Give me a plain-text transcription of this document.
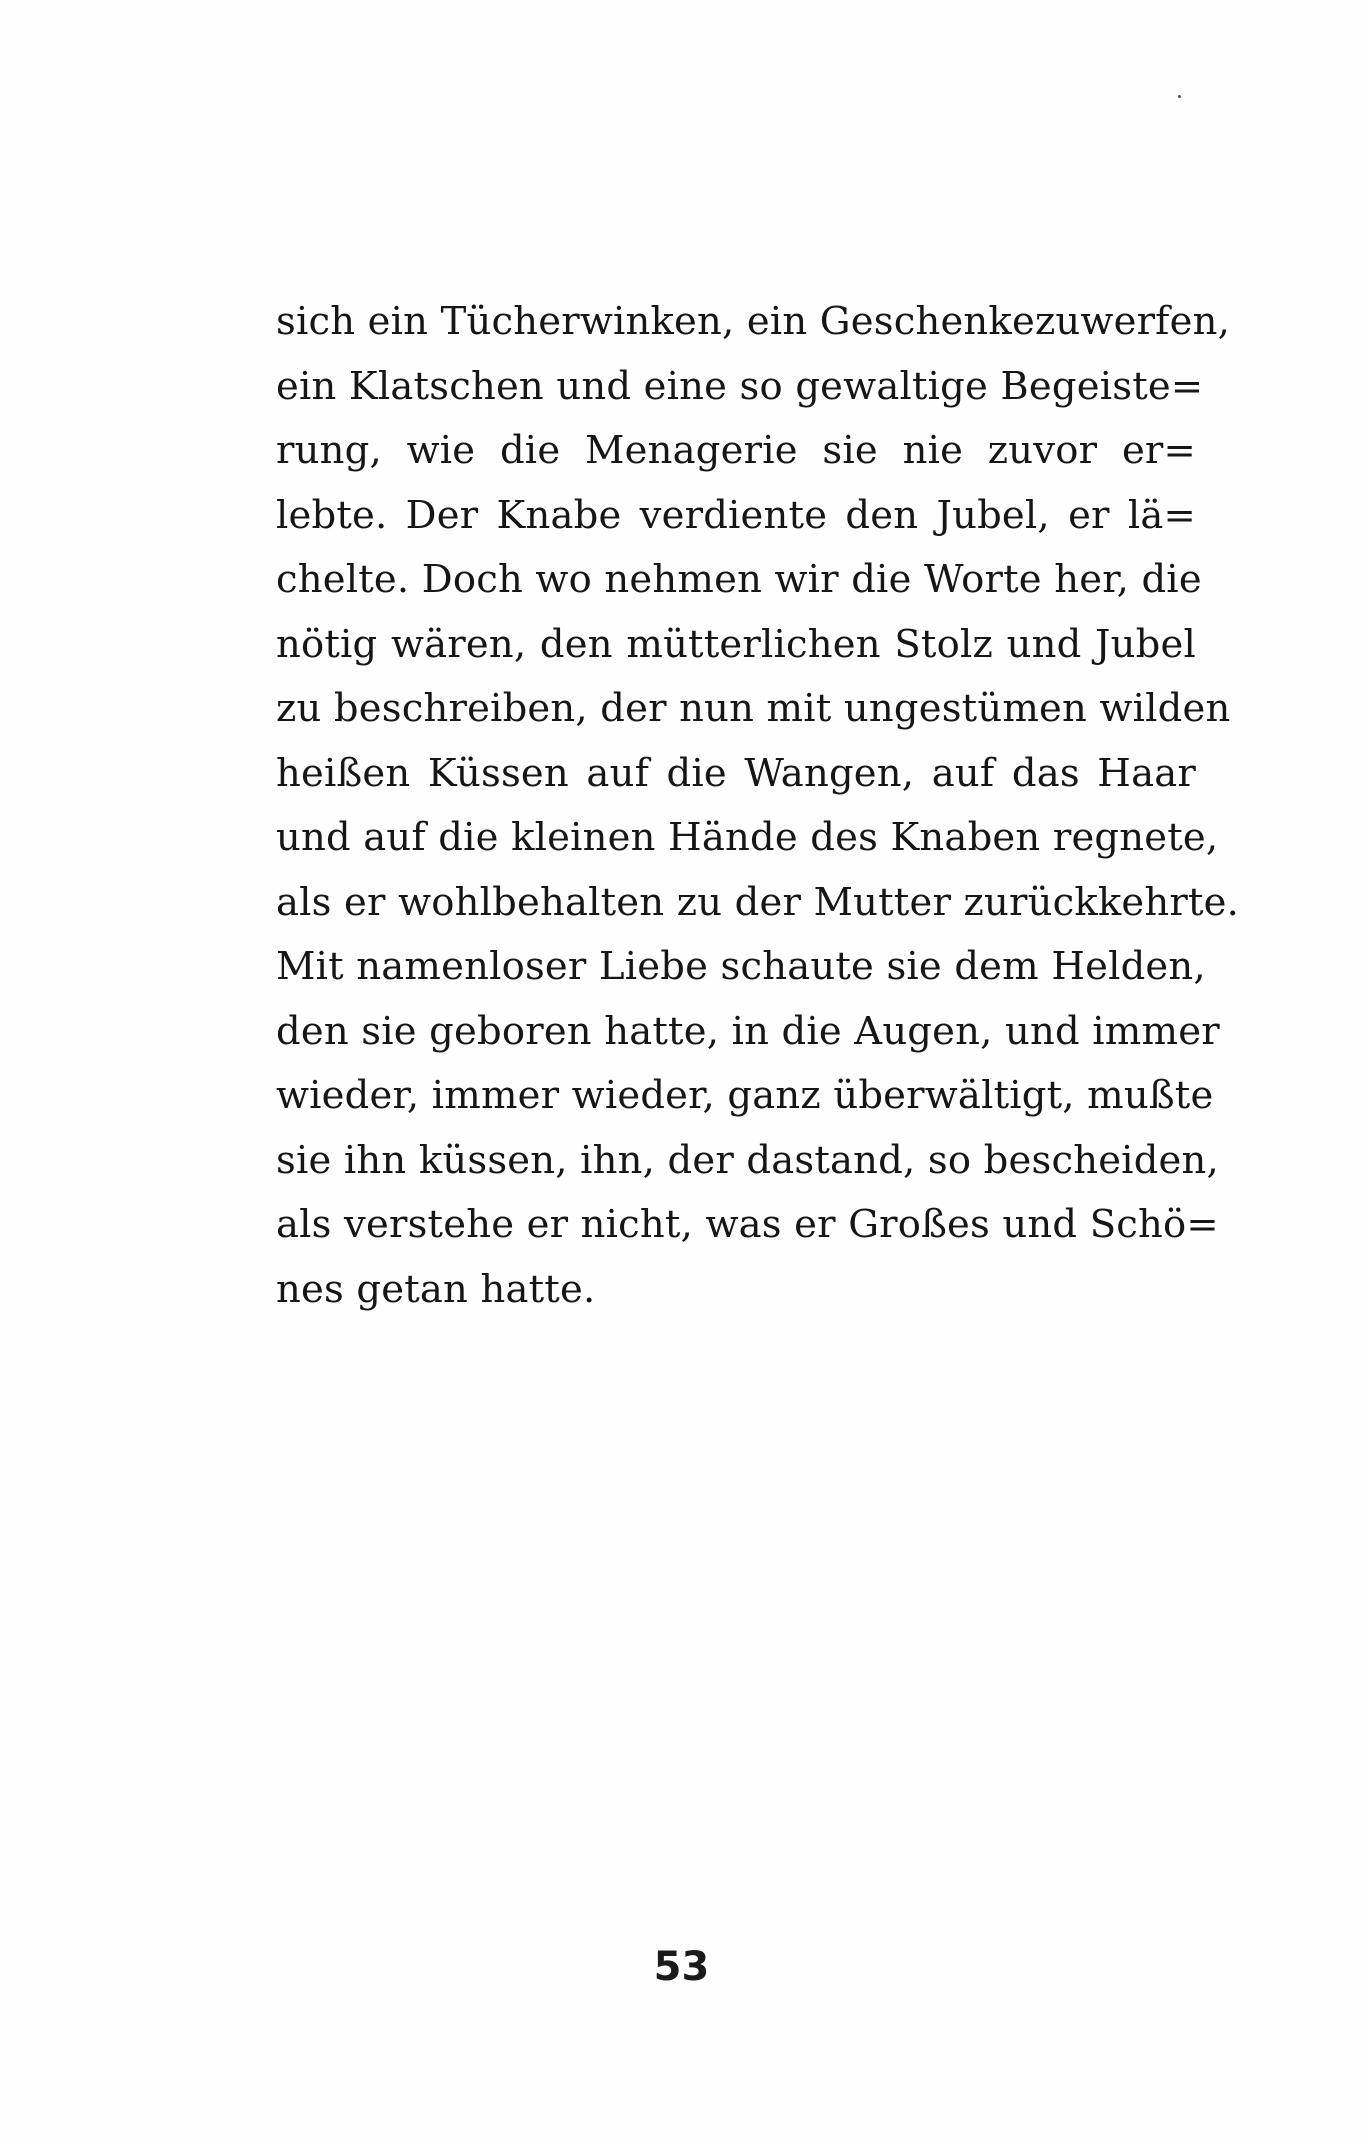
sich ein Tücherwinken, ein Geschenkezuwerfen,
ein Klatschen und eine so gewaltige Begeiste=
rung, wie die Menagerie sie nie zuvor er=
lebte. Der Knabe verdiente den Jubel, er lä=
chelte. Doch wo nehmen wir die Worte her, die
nötig wären, den mütterlichen Stolz und Jubel
zu beschreiben, der nun mit ungestümen wilden
heißen Küssen auf die Wangen, auf das Haar
und auf die kleinen Hände des Knaben regnete,
als er wohlbehalten zu der Mutter zurückkehrte.
Mit namenloser Liebe schaute sie dem Helden,
den sie geboren hatte, in die Augen, und immer
wieder, immer wieder, ganz überwältigt, mußte
sie ihn küssen, ihn, der dastand, so bescheiden,
als verstehe er nicht, was er Großes und Schö=
nes getan hatte.
53
